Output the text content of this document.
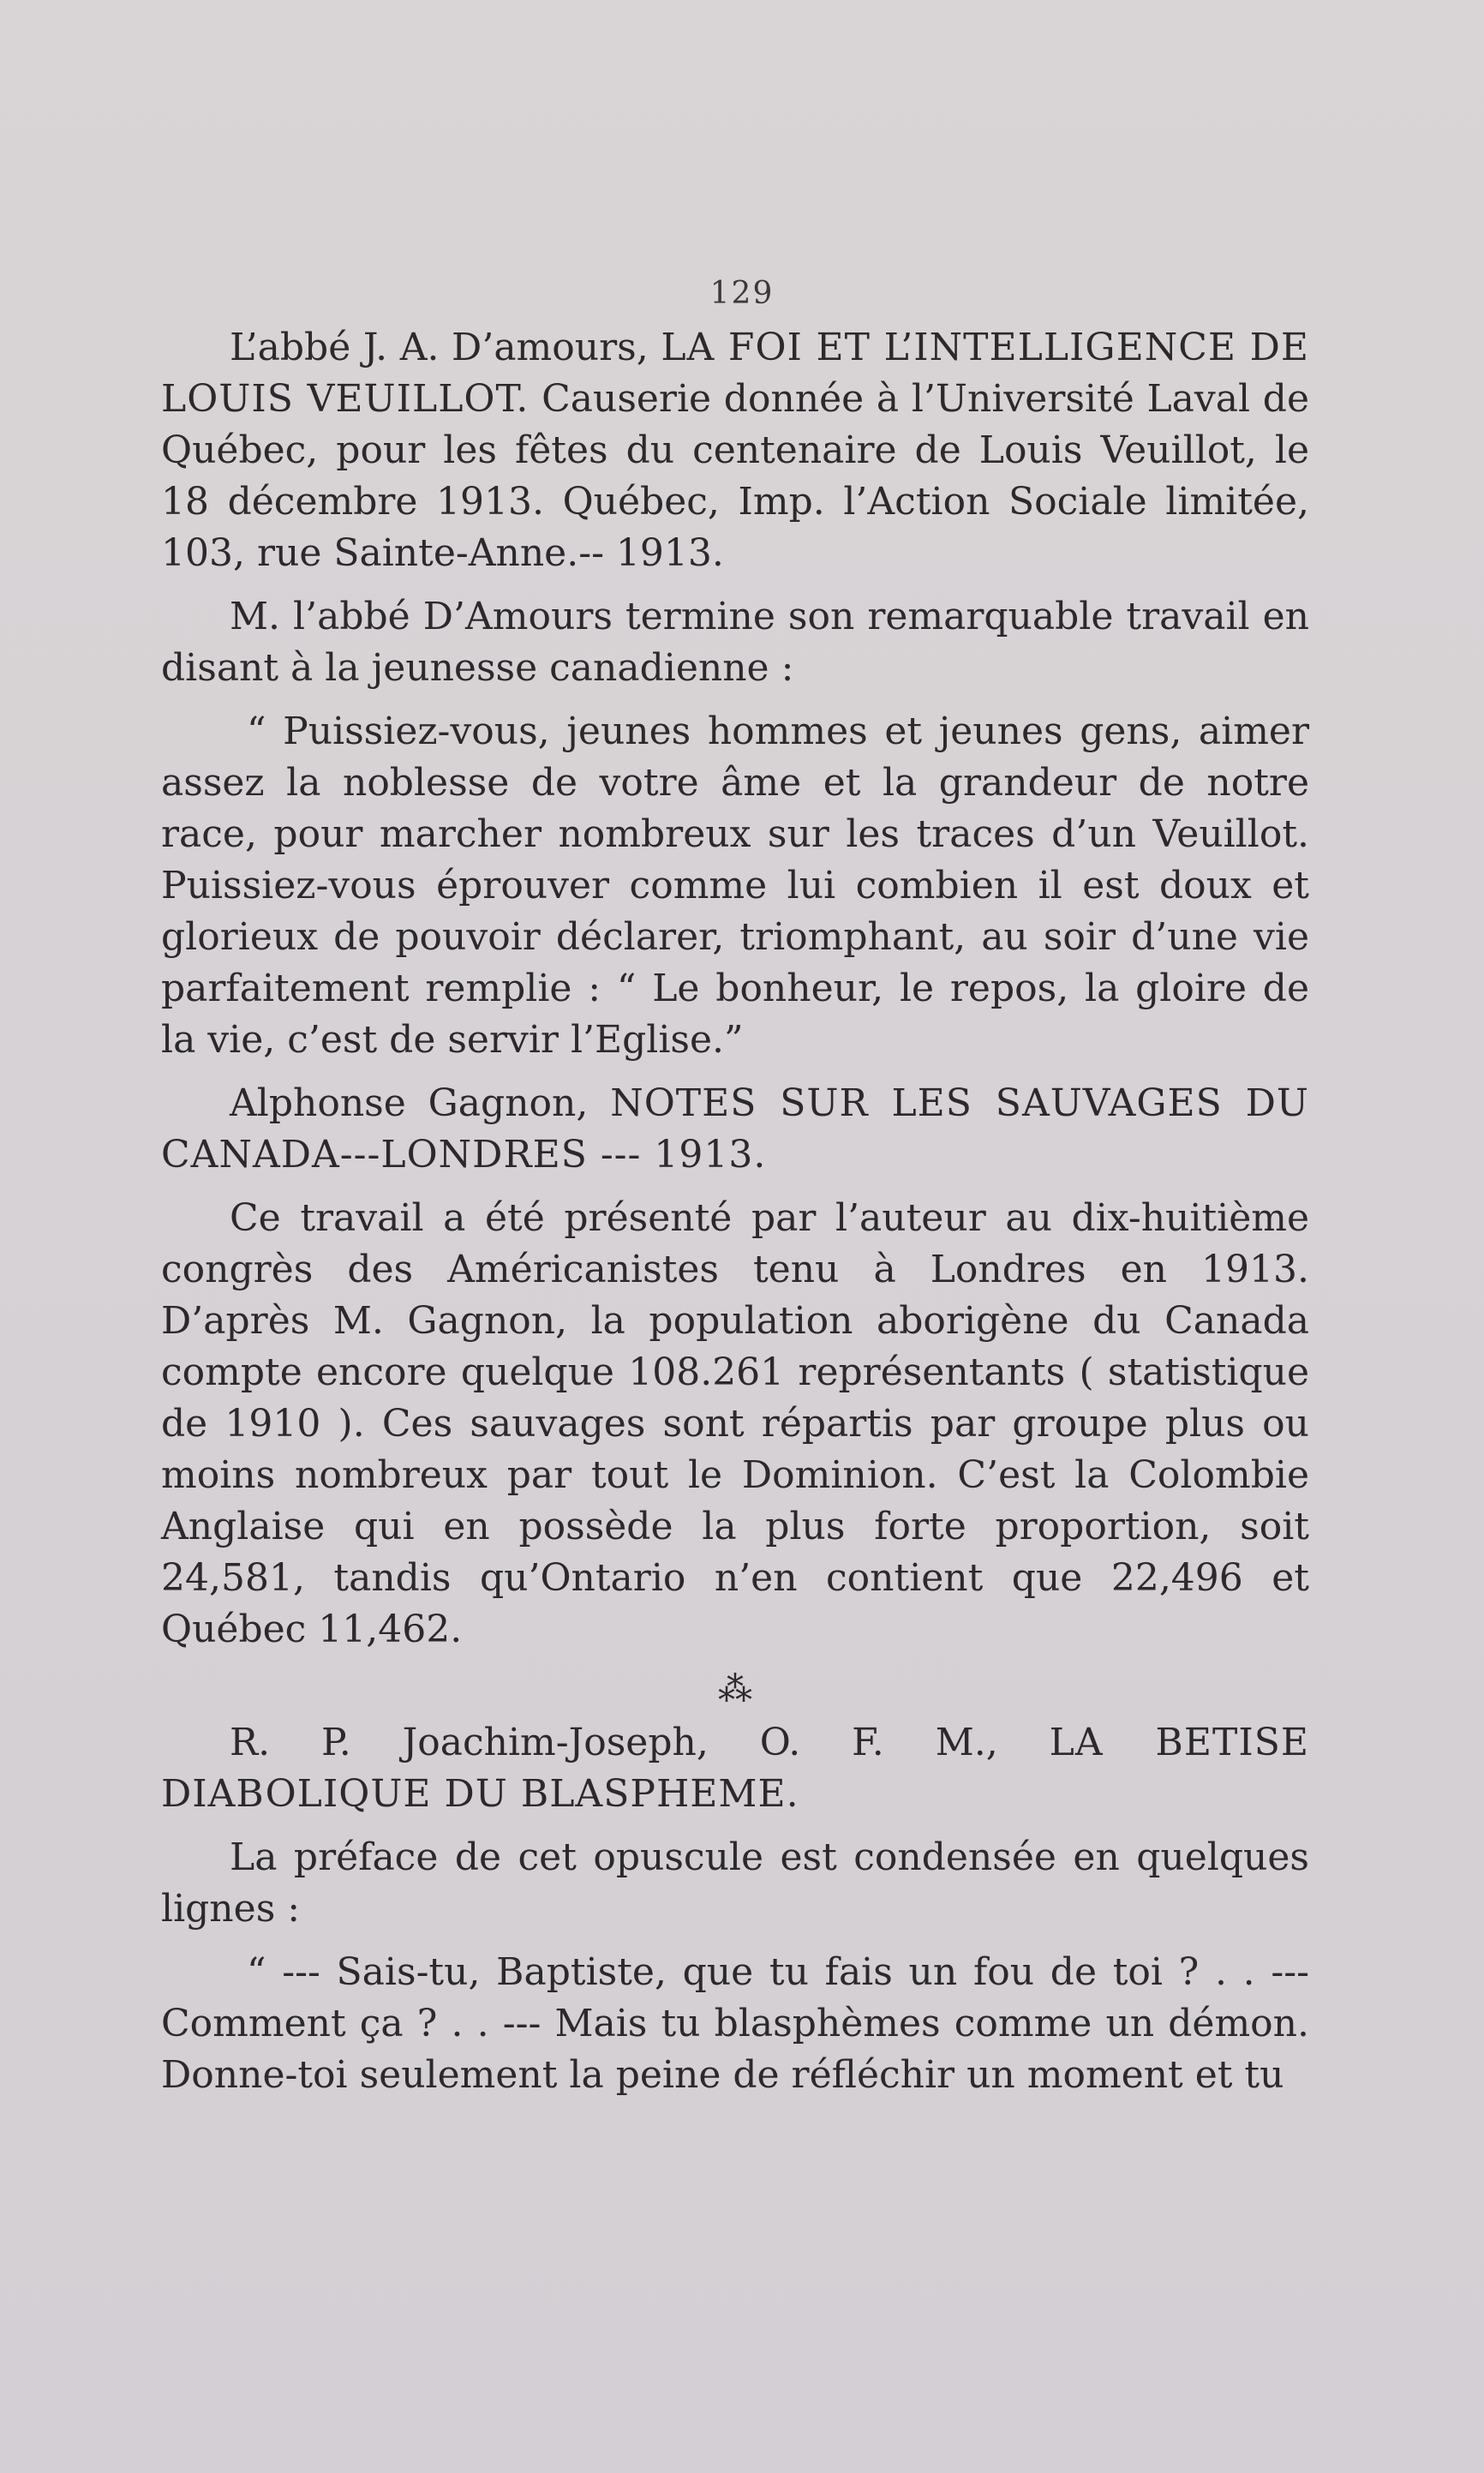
129

L’abbé J. A. D’amours, LA FOI ET L’INTELLIGENCE DE LOUIS VEUILLOT. Causerie donnée à l’Université Laval de Québec, pour les fêtes du centenaire de Louis Veuillot, le 18 décembre 1913. Québec, Imp. l’Action Sociale limitée, 103, rue Sainte-Anne.-- 1913.

M. l’abbé D’Amours termine son remarquable travail en disant à la jeunesse canadienne :

“ Puissiez-vous, jeunes hommes et jeunes gens, aimer assez la noblesse de votre âme et la grandeur de notre race, pour marcher nombreux sur les traces d’un Veuillot. Puissiez-vous éprouver comme lui combien il est doux et glorieux de pouvoir déclarer, triomphant, au soir d’une vie parfaitement remplie : “ Le bonheur, le repos, la gloire de la vie, c’est de servir l’Eglise.”

Alphonse Gagnon, NOTES SUR LES SAUVAGES DU CANADA---LONDRES --- 1913.

Ce travail a été présenté par l’auteur au dix-huitième congrès des Américanistes tenu à Londres en 1913. D’après M. Gagnon, la population aborigène du Canada compte encore quelque 108.261 représentants ( statistique de 1910 ). Ces sauvages sont répartis par groupe plus ou moins nombreux par tout le Dominion. C’est la Colombie Anglaise qui en possède la plus forte proportion, soit 24,581, tandis qu’Ontario n’en contient que 22,496 et Québec 11,462.

⁂

R. P. Joachim-Joseph, O. F. M., LA BETISE DIABOLIQUE DU BLASPHEME.

La préface de cet opuscule est condensée en quelques lignes :

“ --- Sais-tu, Baptiste, que tu fais un fou de toi ? . . --- Comment ça ? . . --- Mais tu blasphèmes comme un démon. Donne-toi seulement la peine de réfléchir un moment et tu
